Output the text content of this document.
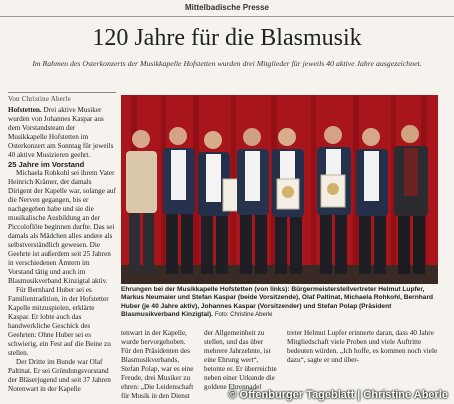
Mittelbadische Presse
120 Jahre für die Blasmusik
Im Rahmen des Osterkonzerts der Musikkapelle Hofstetten wurden drei Mitglieder für jeweils 40 aktive Jahre ausgezeichnet.
Von Christine Aberle

Hofstetten. Drei aktive Musiker wurden von Johannes Kaspar aus dem Vorstandsteam der Musikkapelle Hofstetten im Osterkonzert am Sonntag für jeweils 40 aktive Musizieren geehrt.

25 Jahre im Vorstand

Michaela Rohkohl sei ihrem Vater Heinrich Krämer, der damals Dirigent der Kapelle war, solange auf die Nerven gegangen, bis er nachgegeben habe und sie die musikalische Ausbildung an der Piccoloflöte beginnen durfte. Das sei damals als Mädchen alles andere als selbstverständlich gewesen. Die Geehrte ist außerdem seit 25 Jahren in verschiedenen Ämtern im Vorstand tätig und auch im Blasmusikverband Kinzigtal aktiv.

Für Bernhard Huber sei es Familientradition, in der Hofstetter Kapelle mitzuspielen, erklärte Kaspar. Er lobte auch das handwerkliche Geschick des Geehrten: Ohne Huber sei es schwierig, ein Fest auf die Beine zu stellen.

Der Dritte im Bunde war Olaf Paltinat. Er sei Gründungsvorstand der Bläserjugend und seit 37 Jahren Notenwart in der Kapelle

Ehrungen bei der Musikkapelle Hofstetten (von links): Bürgermeisterstellvertreter Helmut Lupfer, Markus Neumaier und Stefan Kaspar (beide Vorsitzende), Olaf Paltinat, Michaela Rohkohl, Bernhard Huber (je 40 Jahre aktiv), Johannes Kaspar (Vorsitzender) und Stefan Polap (Präsident Blasmusikverband Kinzigtal). Foto: Christine Aberle

tenwart in der Kapelle, wurde hervorgehoben. Für den Präsidenten des Blasmusikverbands, Stefan Polap, war es eine Freude, drei Musiker zu ehren: „Die Leidenschaft für Musik in den Dienst

der Allgemeinheit zu stellen, und das über mehrere Jahrzehnte, ist eine Ehrung wert“, betonte er. Er überreichte neben einer Urkunde die goldene Ehrennadel

treter Helmut Lupfer erinnerte daran, dass 40 Jahre Mitgliedschaft viele Proben und viele Auftritte bedeuten würden. „Ich hoffe, es kommen noch viele dazu“, sagte er und über-

© Offenburger Tageblatt | Christine Aberle
